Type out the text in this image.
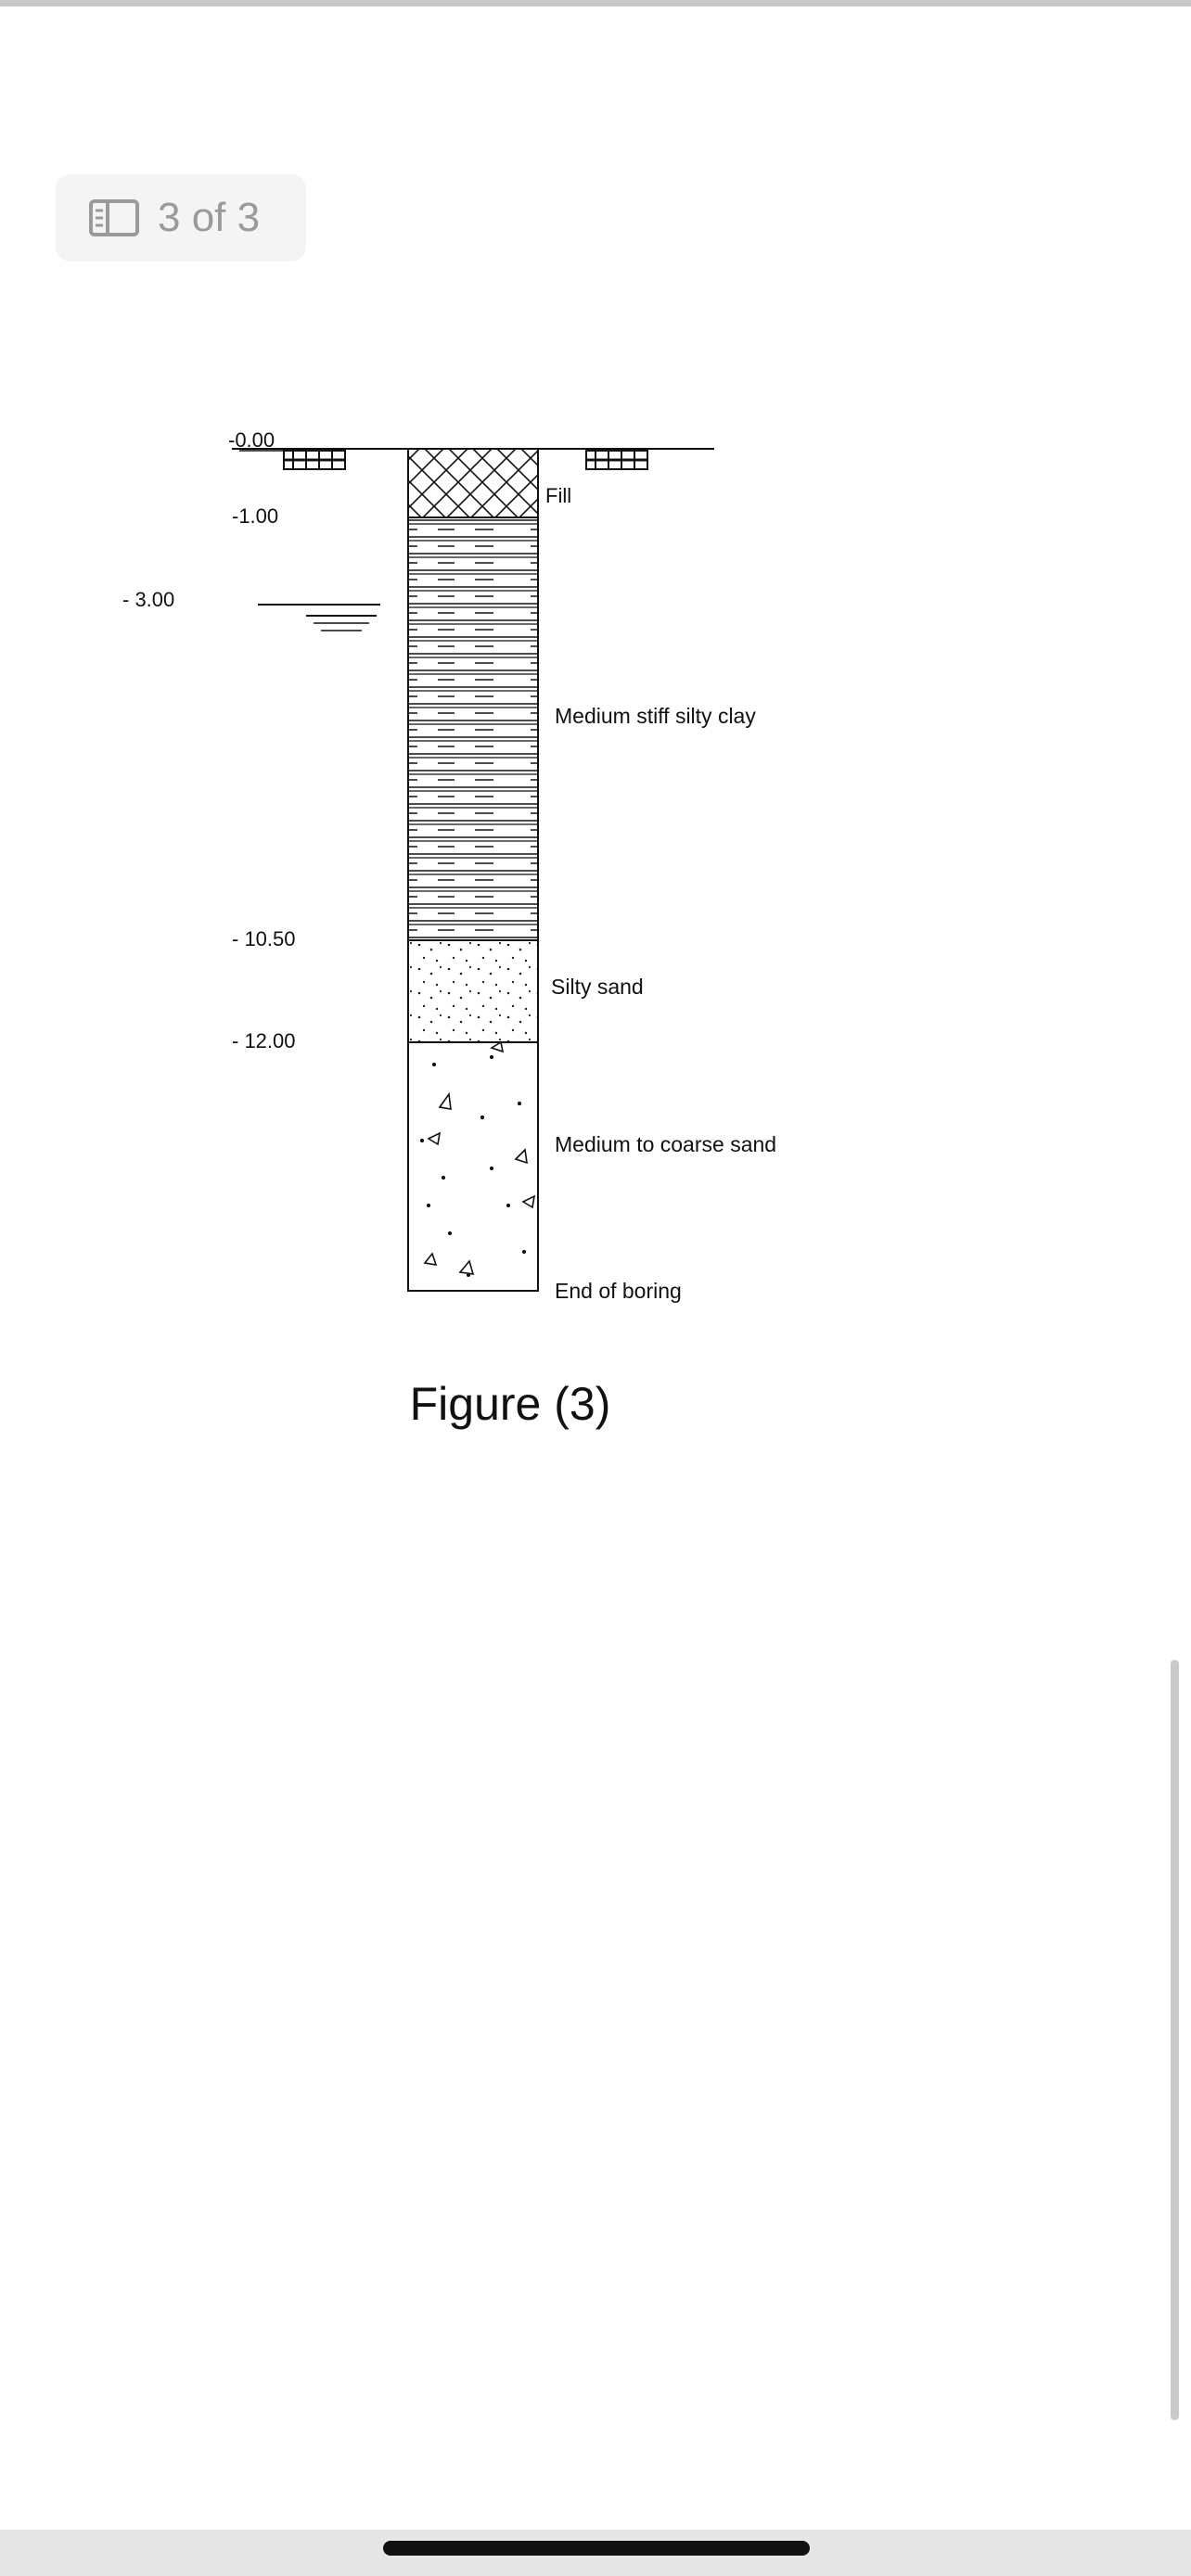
3 of 3
-0.00
-1.00
- 3.00
- 10.50
- 12.00
Fill
Medium stiff silty clay
Silty sand
Medium to coarse sand
End of boring
Figure (3)
